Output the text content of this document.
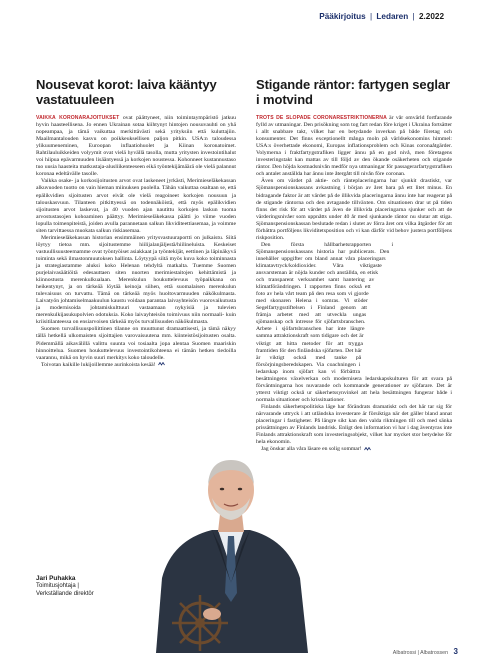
Pääkirjoitus | Ledaren | 2.2022
Nousevat korot: laiva kääntyy vastatuuleen

VAIKKA KORONARAJOITUKSET ovat päättyneet, niin toimintaympäristö jatkuu hyvin haasteellisena. Jo ennen Ukrainan sotaa kiihtynyt hintojen nousuvauhti on yhä nopeampaa, ja tämä vaikuttaa merkittävästi sekä yrityksiin että kuluttajiin. Maailmantalouden kasvu on poikkeuksellisen paljon pitkin. USA:n taloudessa ylikuumeneminen, Euroopan inflaatiohuolet ja Kiinan koronatoimet. Rahtilauluikkeiden volyymit ovat vielä hyvällä tasolla, mutta yritysten investointihalut voi hiipua epävarmuuden lisääntyessä ja korkojen noustessa. Kohonneet kustannustaso tuo uusia haasteita matkustaja-alusliikenteeseen eikä työntekijämäärä ole vielä palannut koronaa edeltävälle tasolle.

Vaikka osake- ja korkosijoitusten arvot ovat laskeneet jyrkästi, Merimieseläkekassan alkuvuoden tuotto on vain hieman miinuksen puolella. Tähän vaikuttaa osaltaan se, että epälikvidien sijoitusten arvot eivät ole vielä reagoineet korkojen nousuun ja talouskasvuun. Tilanteen pitkittyessä on todennäköistä, että myös epälikvidien sijoitusten arvot laskevat, ja 40 vuoden ajan nautittu korkojen laskun tuoma arvostustasojen kohoaminen päättyy. Merimieseläkekassa päätti jo viime vuoden lopulla toimenpiteistä, joiden avulla parannetaan salkun likviditeettiasemaa, ja voimme siten tarvittaessa muokata salkun riskiasemaa.

Merimieseläkekassan historian ensimmäinen yritysvastuuraportti on julkaistu. Siitä löytyy tietoa mm. sijoitustemme hiilijalanjäljestä/hiilineluista. Keskeiset vastuullisuusteemamme ovat työntyöiset asiakkaat ja työntekijät, eettinen ja läpinäkyvä toiminta sekä ilmastonmuutoksen hallinta. Löytyypä siitä myös kuva koko toiminnasta ja strategiastamme aluksi koko Helenan tehdyltä matkalta. Tuemme Suomen purjelaivasäätiöitä edesauttaen siten nuorten merimiestaitojen kehittämistä ja kiinnostusta merenkulkualaan. Merenkulun houkuttelevuus työpaikkana on heikentynyt, ja on tärkeää löytää keinoja siihen, että suomalaisen merenkulun tulevaisuus on turvattu. Tämä on tärkeää myös huoltovarmuuden näkökulmasta. Laivatyön johtamiselmaakuulun kaustu voidaan parantaa laivayhteisön vuorovaikutusta ja modernisoida johtamiskulttuuri vastaamaan nykyisiä ja tulevien merenkulkijasukupolvien odotuksia. Koko laivayhteisön toimivuus niin normaali- kuin kriisitilanteessa on ensiarvoisen tärkeää myös turvallisuuden näkökulmasta.

Suomen turvallisuuspoliittinen tilanne on muuttunut dramaattisesti, ja tämä näkyy tällä hetkellä ulkomaisten sijoittajien varovaisuutena mm. kiinteistösijoitusten osalta. Pidemmällä aikavälillä valittu suunta voi tosiaalta jopa alentaa Suomen maariskin hinnoittelua. Suomen houkuttelevuus investointikohteena ei tämän hetken tiedoilla vaarannu, mikä on hyvin suuri merkitys koko taloudelle.

Toivotan kaikille lukijoillemme aurinkoista kesää!

Stigande räntor: fartygen seglar i motvind

TROTS DE SLOPADE CORONARESTRIKTIONERNA är vår omvärld fortfarande fylld av utmaningar. Den prisökning som tog fart redan före kriget i Ukraina fortsätter i allt snabbare takt, vilket har en betydande inverkan på både företag och konsumenter. Det finns exceptionellt många moln på världsekonomins himmel: USA:s överhettade ekonomi, Europas inflationsproblem och Kinas coronaåtgärder. Volymerna i fraktfartygstrafiken ligger ännu på en god nivå, men företagens investeringstakt kan mattas av till följd av den ökande osäkerheten och stigande räntor. Den höjda kostnadsnivån medför nya utmaningar för passagerarfartygstrafiken och antalet anställda har ännu inte återgått till nivån före coronan.

Även om värdet på aktie- och ränteplaceringarna har sjunkit drastiskt, var Sjömanspensionskassans avkastning i början av året bara på ett litet minus. En bidragande faktor är att värdet på de illikvida placeringarna ännu inte har reagerat på de stigande räntorna och den avtagande tillväxten. Om situationen drar ut på tiden finns det risk för att värdet på även de illikvida placeringarna sjunker och att de värderingsnivåer som uppnåtts under 40 år med sjunkande räntor nu slutar att stiga. Sjömanspensionskassan beslutade redan i slutet av förra året om vilka åtgärder för att förbättra portföljens likviditetsposition och vi kan därför vid behov justera portföljens riskposition.

Den första hållbarhetsrapporten i Sjömanspensionskassans historia har publicerats. Den innehåller uppgifter om bland annat våra placeringars klimatavtryck/koldioxider. Våra viktigaste ansvarsteman är nöjda kunder och anställda, en etisk och transparent verksamhet samt hantering av klimatförändringen. I rapporten finns också ett foto av hela vårt team på den resa som vi gjorde med skonaren Helena i somras. Vi stöder Segelfartygsstiftelsen i Finland genom att främja arbetet med att utveckla ungas sjömanskap och intresse för sjöfartsbranschen. Arbete i sjöfartsbranschen har inte längre samma attraktionskraft som tidigare och det är viktigt att hitta metoder för att trygga framtiden för den finländska sjöfarten. Det här är viktigt också med tanke på försörjningsberedskapen. Via coachningen i ledarskap inom sjöfart kan vi förbättra besättningens växelverkan och modernisera ledarskapskulturen för att svara på förväntningarna hos nuvarande och kommande generationer av sjöfarare. Det är ytterst viktigt också ur säkerhetssynvinkel att hela besättningen fungerar både i normala situationer och krissituationer.

Finlands säkerhetspolitiska läge har förändrats dramatiskt och det här tar sig för närvarande uttryck i att utländska investerare är försiktiga när det gäller bland annat placeringar i fastigheter. På längre sikt kan den valda riktningen till och med sänka prissättningen av Finlands landrisk. Enligt den information vi har i dag äventyras inte Finlands attraktionskraft som investeringsobjekt, vilket har mycket stor betydelse för hela ekonomin.

Jag önskar alla våra läsare en solig sommar!

Jari Puhakka
Toimitusjohtaja |
Verkställande direktör
Albatrossi | Albatrossen 3
